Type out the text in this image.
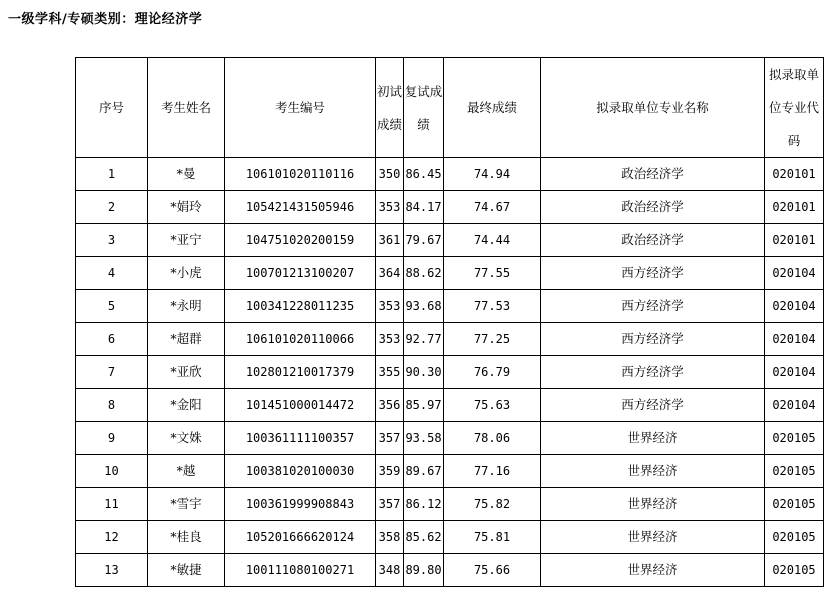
一级学科/专硕类别：理论经济学
序号	考生姓名	考生编号	初试成绩	复试成绩	最终成绩	拟录取单位专业名称	拟录取单位专业代码
1	*曼	106101020110116	350	86.45	74.94	政治经济学	020101
2	*娟玲	105421431505946	353	84.17	74.67	政治经济学	020101
3	*亚宁	104751020200159	361	79.67	74.44	政治经济学	020101
4	*小虎	100701213100207	364	88.62	77.55	西方经济学	020104
5	*永明	100341228011235	353	93.68	77.53	西方经济学	020104
6	*超群	106101020110066	353	92.77	77.25	西方经济学	020104
7	*亚欣	102801210017379	355	90.30	76.79	西方经济学	020104
8	*金阳	101451000014472	356	85.97	75.63	西方经济学	020104
9	*文姝	100361111100357	357	93.58	78.06	世界经济	020105
10	*越	100381020100030	359	89.67	77.16	世界经济	020105
11	*雪宇	100361999908843	357	86.12	75.82	世界经济	020105
12	*桂良	105201666620124	358	85.62	75.81	世界经济	020105
13	*敏捷	100111080100271	348	89.80	75.66	世界经济	020105
